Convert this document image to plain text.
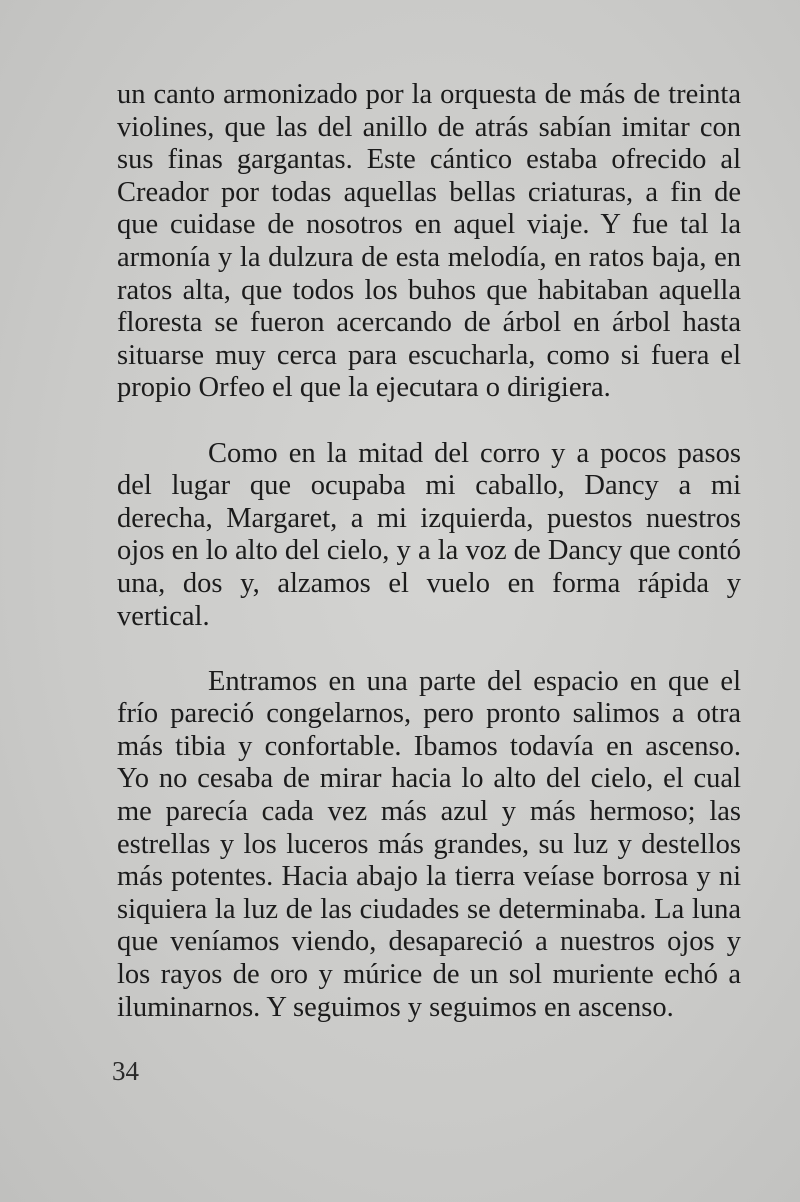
un canto armonizado por la orquesta de más de treinta violines, que las del anillo de atrás sabían imitar con sus finas gargantas. Este cántico estaba ofrecido al Creador por todas aquellas bellas criaturas, a fin de que cuidase de nosotros en aquel viaje. Y fue tal la armonía y la dulzura de esta melodía, en ratos baja, en ratos alta, que todos los buhos que habitaban aquella floresta se fueron acercando de árbol en árbol hasta situarse muy cerca para escucharla, como si fuera el propio Orfeo el que la ejecutara o dirigiera.

Como en la mitad del corro y a pocos pasos del lugar que ocupaba mi caballo, Dancy a mi derecha, Margaret, a mi izquierda, puestos nuestros ojos en lo alto del cielo, y a la voz de Dancy que contó una, dos y, alzamos el vuelo en forma rápida y vertical.

Entramos en una parte del espacio en que el frío pareció congelarnos, pero pronto salimos a otra más tibia y confortable. Ibamos todavía en ascenso. Yo no cesaba de mirar hacia lo alto del cielo, el cual me parecía cada vez más azul y más hermoso; las estrellas y los luceros más grandes, su luz y destellos más potentes. Hacia abajo la tierra veíase borrosa y ni siquiera la luz de las ciudades se determinaba. La luna que veníamos viendo, desapareció a nuestros ojos y los rayos de oro y múrice de un sol muriente echó a iluminarnos. Y seguimos y seguimos en ascenso.

34
